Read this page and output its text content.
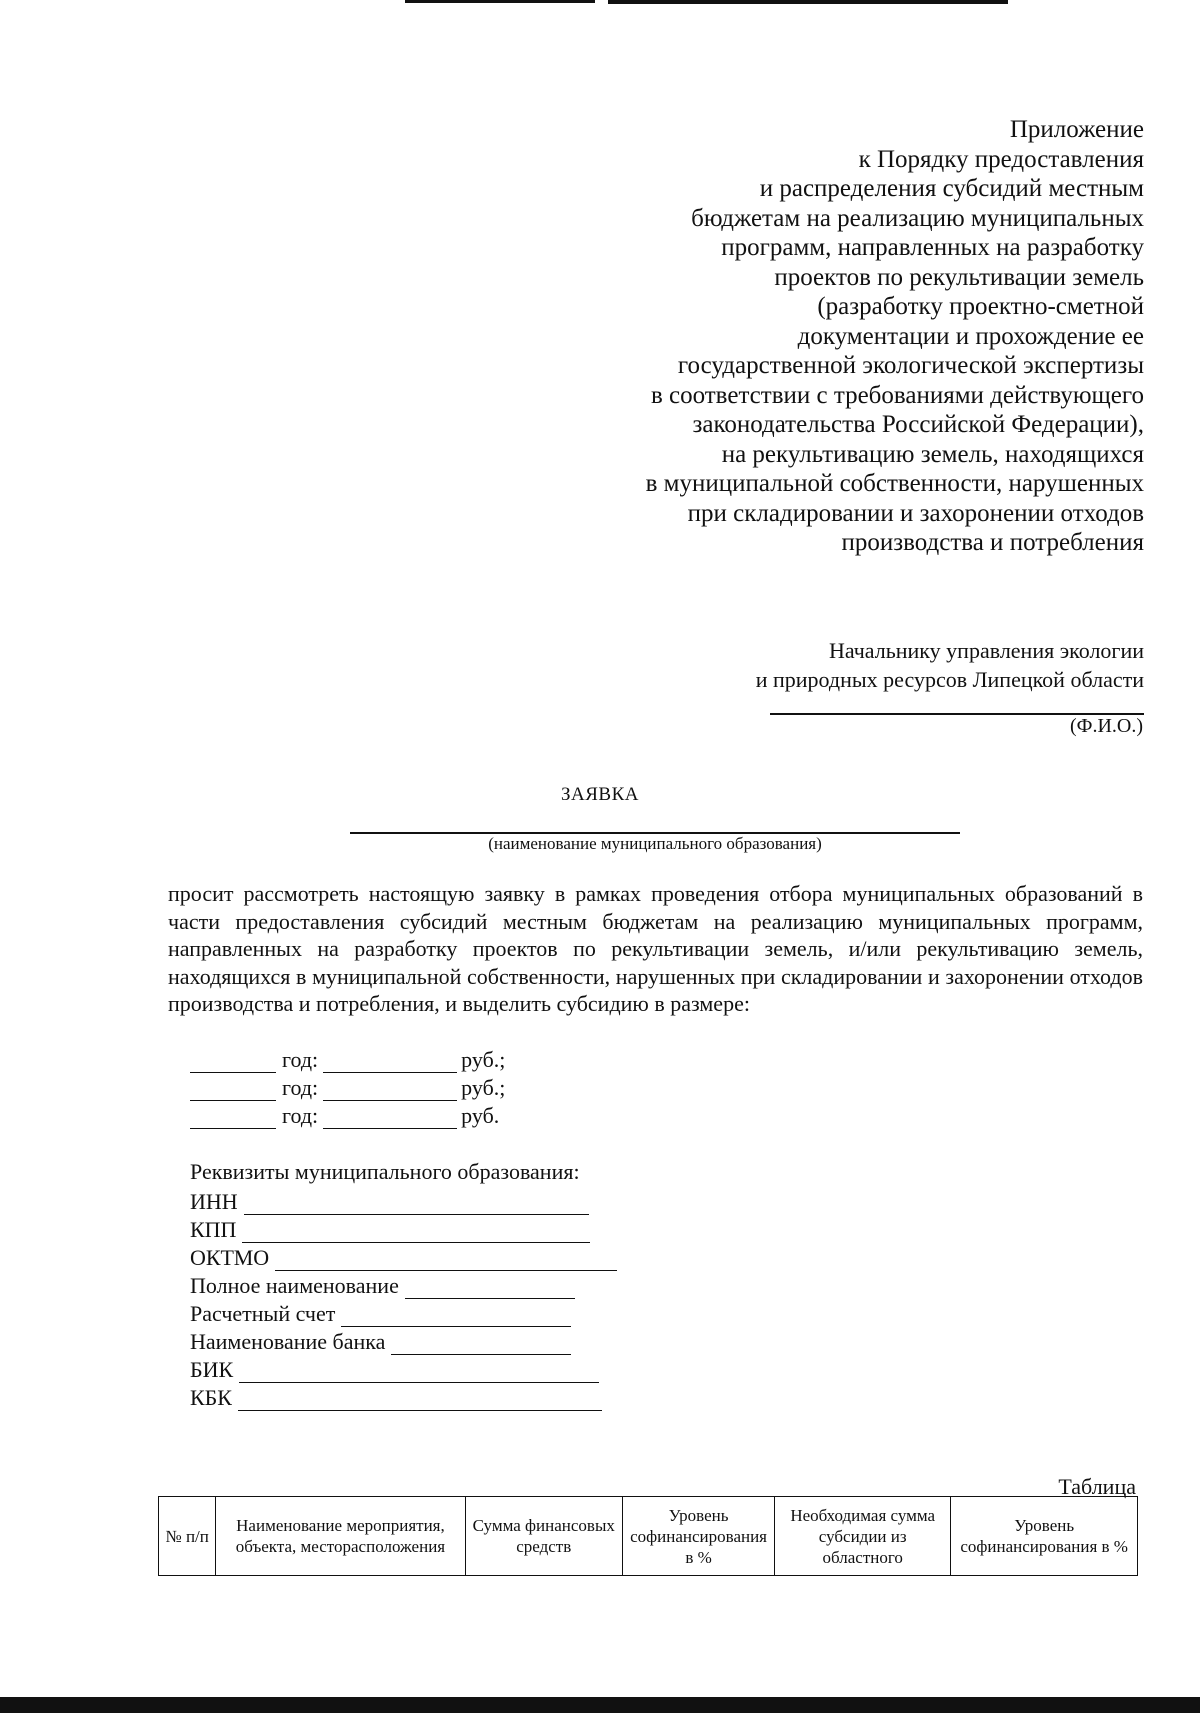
Приложение
к Порядку предоставления
и распределения субсидий местным
бюджетам на реализацию муниципальных
программ, направленных на разработку
проектов по рекультивации земель
(разработку проектно-сметной
документации и прохождение ее
государственной экологической экспертизы
в соответствии с требованиями действующего
законодательства Российской Федерации),
на рекультивацию земель, находящихся
в муниципальной собственности, нарушенных
при складировании и захоронении отходов
производства и потребления
Начальнику управления экологии
и природных ресурсов Липецкой области
(Ф.И.О.)
ЗАЯВКА
(наименование муниципального образования)

просит рассмотреть настоящую заявку в рамках проведения отбора муниципальных образований в части предоставления субсидий местным бюджетам на реализацию муниципальных программ, направленных на разработку проектов по рекультивации земель, и/или рекультивацию земель, находящихся в муниципальной собственности, нарушенных при складировании и захоронении отходов производства и потребления, и выделить субсидию в размере:

год:	руб.;
год:	руб.;
год:	руб.
Реквизиты муниципального образования:
ИНН
КПП
ОКТМО
Полное наименование
Расчетный счет
Наименование банка
БИК
КБК
Таблица
№ п/п	Наименование мероприятия, объекта, месторасположения	Сумма финансовых средств	Уровень софинансирования в %	Необходимая сумма субсидии из областного	Уровень софинансирования в %
